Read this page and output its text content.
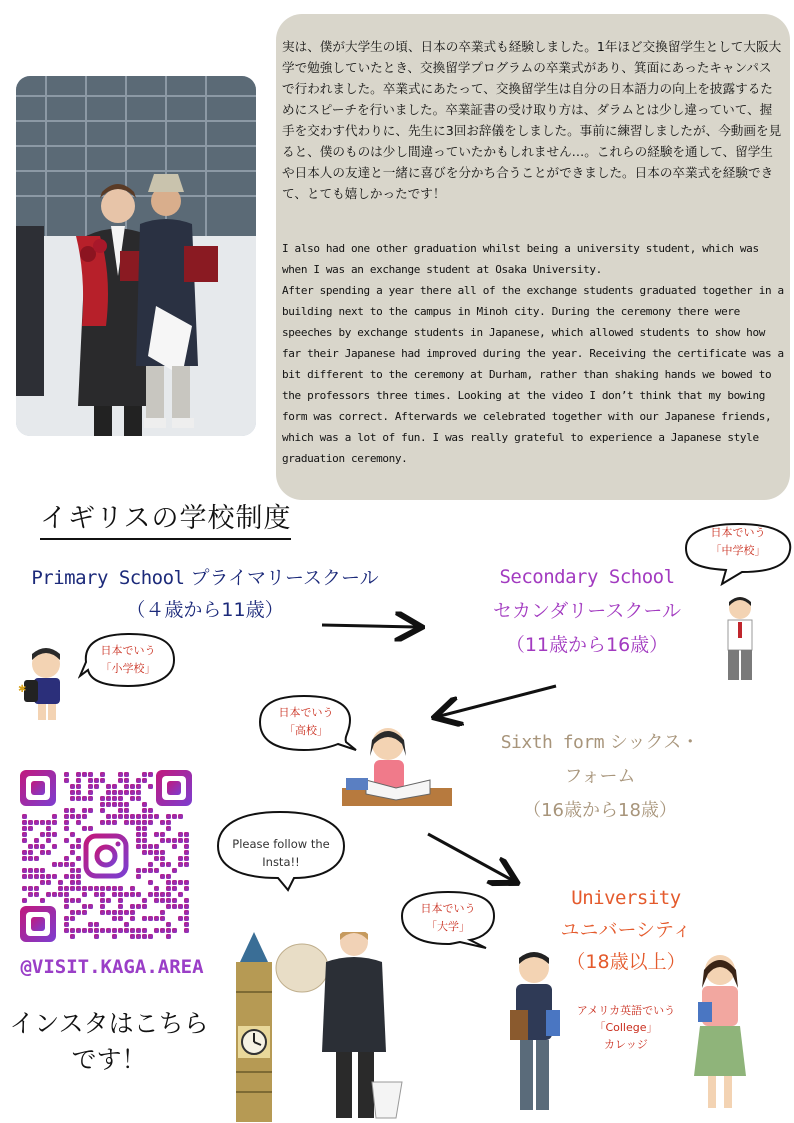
実は、僕が大学生の頃、日本の卒業式も経験しました。1年ほど交換留学生として大阪大学で勉強していたとき、交換留学プログラムの卒業式があり、箕面にあったキャンパスで行われました。卒業式にあたって、交換留学生は自分の日本語力の向上を披露するためにスピーチを行いました。卒業証書の受け取り方は、ダラムとは少し違っていて、握手を交わす代わりに、先生に3回お辞儀をしました。事前に練習しましたが、今動画を見ると、僕のものは少し間違っていたかもしれません…。これらの経験を通して、留学生や日本人の友達と一緒に喜びを分かち合うことができました。日本の卒業式を経験できて、とても嬉しかったです！

I also had one other graduation whilst being a university student, which was when I was an exchange student at Osaka University.

After spending a year there all of the exchange students graduated together in a building next to the campus in Minoh city. During the ceremony there were speeches by exchange students in Japanese, which allowed students to show how far their Japanese had improved during the year. Receiving the certificate was a bit different to the ceremony at Durham, rather than shaking hands we bowed to the professors three times. Looking at the video I don’t think that my bowing form was correct. Afterwards we celebrated together with our Japanese friends, which was a lot of fun. I was really grateful to experience a Japanese style graduation ceremony.

イギリスの学校制度
Primary School プライマリースクール
（４歳から11歳）
Secondary School
セカンダリースクール
（11歳から16歳）
Sixth form シックス・
フォーム
（16歳から18歳）
University
ユニバーシティ
（18歳以上）
アメリカ英語でいう
「College」
カレッジ
日本でいう
「中学校」
日本でいう
「小学校」
日本でいう
「高校」
日本でいう
「大学」
Please follow the
Insta!!
✱
@VISIT.KAGA.AREA
インスタはこちら
です！
